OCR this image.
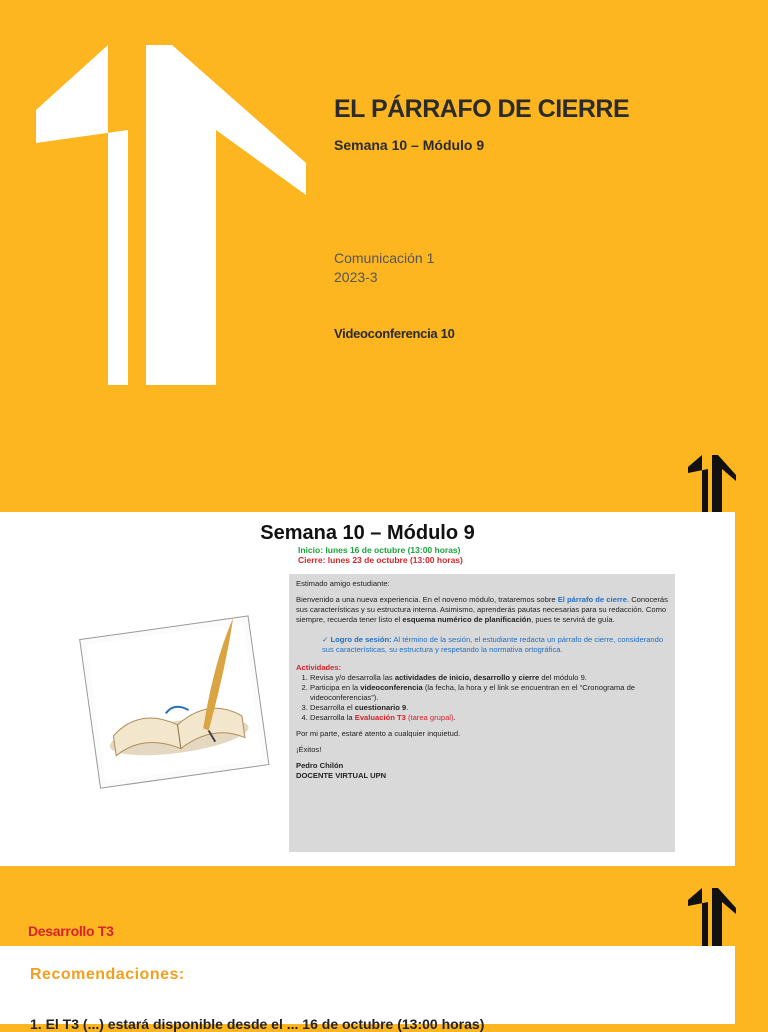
EL PÁRRAFO DE CIERRE
Semana 10 – Módulo 9
Comunicación 1
2023-3
Videoconferencia 10
Semana 10 – Módulo 9
Inicio: lunes 16 de octubre (13:00 horas)
Cierre: lunes 23 de octubre (13:00 horas)

Estimado amigo estudiante:

Bienvenido a una nueva experiencia. En el noveno módulo, trataremos sobre El párrafo de cierre. Conocerás sus características y su estructura interna. Asimismo, aprenderás pautas necesarias para su redacción. Como siempre, recuerda tener listo el esquema numérico de planificación, pues te servirá de guía.

✓ Logro de sesión: Al término de la sesión, el estudiante redacta un párrafo de cierre, considerando sus características, su estructura y respetando la normativa ortográfica.

Actividades:

1. Revisa y/o desarrolla las actividades de inicio, desarrollo y cierre del módulo 9.
2. Participa en la videoconferencia (la fecha, la hora y el link se encuentran en el “Cronograma de videoconferencias”).
3. Desarrolla el cuestionario 9.
4. Desarrolla la Evaluación T3 (tarea grupal).

Por mi parte, estaré atento a cualquier inquietud.

¡Éxitos!

Pedro Chilón
DOCENTE VIRTUAL UPN

Desarrollo T3
Recomendaciones:
1. El T3 (...) estará disponible desde el ... 16 de octubre (13:00 horas)
